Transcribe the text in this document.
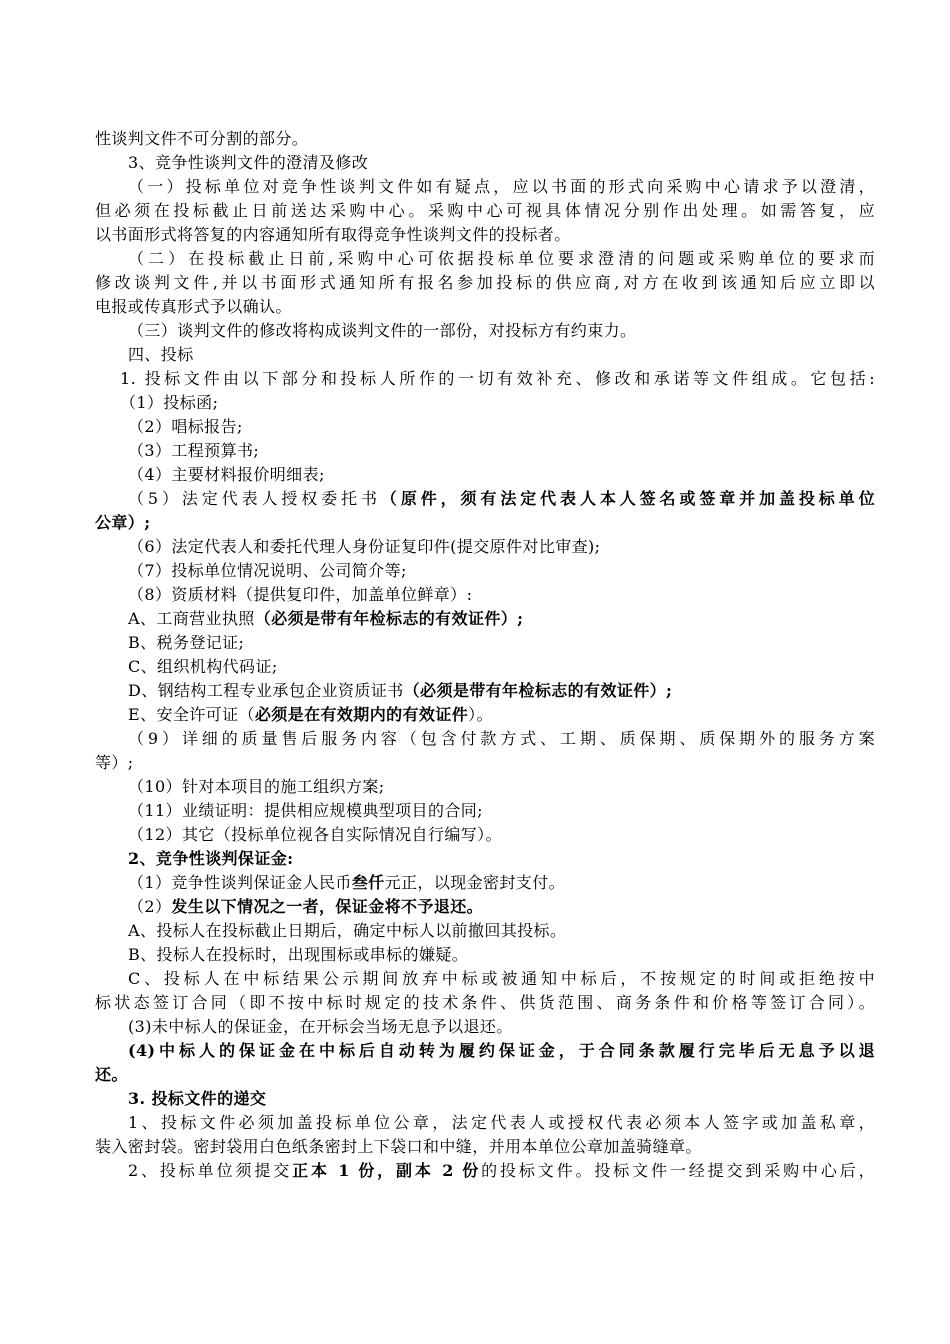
性谈判文件不可分割的部分。
3、竞争性谈判文件的澄清及修改
（一）投标单位对竞争性谈判文件如有疑点，应以书面的形式向采购中心请求予以澄清，
但必须在投标截止日前送达采购中心。采购中心可视具体情况分别作出处理。如需答复，应
以书面形式将答复的内容通知所有取得竞争性谈判文件的投标者。
（二）在投标截止日前,采购中心可依据投标单位要求澄清的问题或采购单位的要求而
修改谈判文件,并以书面形式通知所有报名参加投标的供应商,对方在收到该通知后应立即以
电报或传真形式予以确认。
（三）谈判文件的修改将构成谈判文件的一部份，对投标方有约束力。
四、投标
1. 投标文件由以下部分和投标人所作的一切有效补充、修改和承诺等文件组成。它包括:
（1）投标函;
（2）唱标报告;
（3）工程预算书;
（4）主要材料报价明细表;
（5）法定代表人授权委托书（原件，须有法定代表人本人签名或签章并加盖投标单位
公章）;
（6）法定代表人和委托代理人身份证复印件(提交原件对比审查);
（7）投标单位情况说明、公司简介等;
（8）资质材料（提供复印件，加盖单位鲜章）:
A、工商营业执照（必须是带有年检标志的有效证件）;
B、税务登记证;
C、组织机构代码证;
D、钢结构工程专业承包企业资质证书（必须是带有年检标志的有效证件）;
E、安全许可证（必须是在有效期内的有效证件）。
（9）详细的质量售后服务内容（包含付款方式、工期、质保期、质保期外的服务方案
等）;
（10）针对本项目的施工组织方案;
（11）业绩证明：提供相应规模典型项目的合同;
（12）其它（投标单位视各自实际情况自行编写）。
2、竞争性谈判保证金:
（1）竞争性谈判保证金人民币叁仟元正，以现金密封支付。
（2）发生以下情况之一者，保证金将不予退还。
A、投标人在投标截止日期后，确定中标人以前撤回其投标。
B、投标人在投标时，出现围标或串标的嫌疑。
C、投标人在中标结果公示期间放弃中标或被通知中标后，不按规定的时间或拒绝按中
标状态签订合同（即不按中标时规定的技术条件、供货范围、商务条件和价格等签订合同）。
(3)未中标人的保证金，在开标会当场无息予以退还。
(4)中标人的保证金在中标后自动转为履约保证金，于合同条款履行完毕后无息予以退
还。
3. 投标文件的递交
1、投标文件必须加盖投标单位公章，法定代表人或授权代表必须本人签字或加盖私章，
装入密封袋。密封袋用白色纸条密封上下袋口和中缝，并用本单位公章加盖骑缝章。
2、投标单位须提交正本 1 份，副本 2 份的投标文件。投标文件一经提交到采购中心后，
